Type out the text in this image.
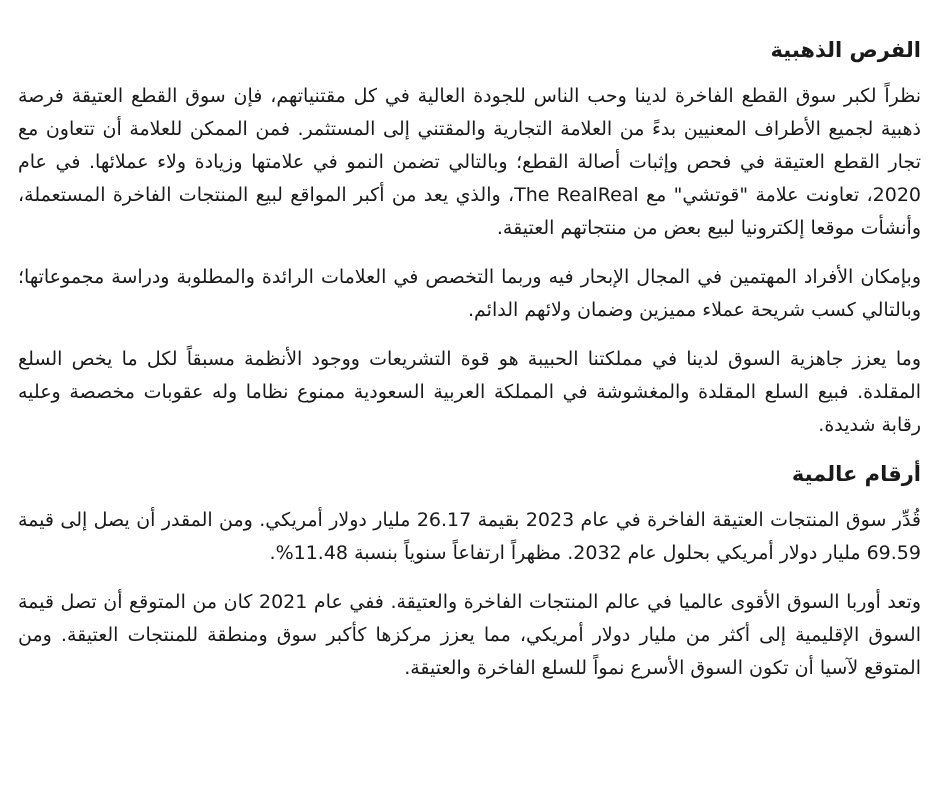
الفرص الذهبية

نظراً لكبر سوق القطع الفاخرة لدينا وحب الناس للجودة العالية في كل مقتنياتهم، فإن سوق القطع العتيقة فرصة ذهبية لجميع الأطراف المعنيين بدءً من العلامة التجارية والمقتني إلى المستثمر. فمن الممكن للعلامة أن تتعاون مع تجار القطع العتيقة في فحص وإثبات أصالة القطع؛ وبالتالي تضمن النمو في علامتها وزيادة ولاء عملائها. في عام 2020، تعاونت علامة "قوتشي" مع The RealReal، والذي يعد من أكبر المواقع لبيع المنتجات الفاخرة المستعملة، وأنشأت موقعا إلكترونيا لبيع بعض من منتجاتهم العتيقة.

وبإمكان الأفراد المهتمين في المجال الإبحار فيه وربما التخصص في العلامات الرائدة والمطلوبة ودراسة مجموعاتها؛ وبالتالي كسب شريحة عملاء مميزين وضمان ولائهم الدائم.

وما يعزز جاهزية السوق لدينا في مملكتنا الحبيبة هو قوة التشريعات ووجود الأنظمة مسبقاً لكل ما يخص السلع المقلدة. فبيع السلع المقلدة والمغشوشة في المملكة العربية السعودية ممنوع نظاما وله عقوبات مخصصة وعليه رقابة شديدة.

أرقام عالمية

قُدِّر سوق المنتجات العتيقة الفاخرة في عام 2023 بقيمة 26.17 مليار دولار أمريكي. ومن المقدر أن يصل إلى قيمة 69.59 مليار دولار أمريكي بحلول عام 2032. مظهراً ارتفاعاً سنوياً بنسبة 11.48%.

وتعد أوربا السوق الأقوى عالميا في عالم المنتجات الفاخرة والعتيقة. ففي عام 2021 كان من المتوقع أن تصل قيمة السوق الإقليمية إلى أكثر من مليار دولار أمريكي، مما يعزز مركزها كأكبر سوق ومنطقة للمنتجات العتيقة. ومن المتوقع لآسيا أن تكون السوق الأسرع نمواً للسلع الفاخرة والعتيقة.
